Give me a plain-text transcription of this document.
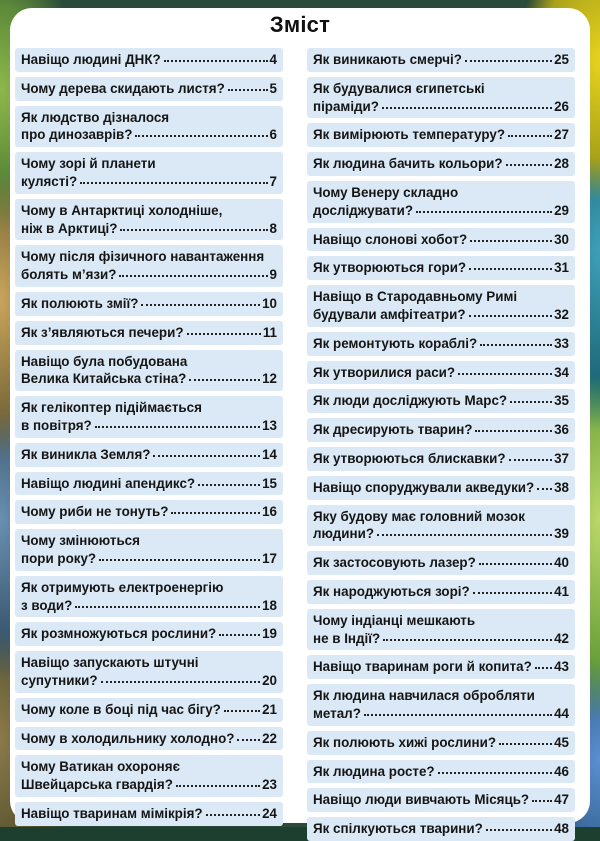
Зміст
Навіщо людині ДНК?	4
Чому дерева скидають листя?	5
Як людство дізналося
про динозаврів?	6
Чому зорі й планети
кулясті?	7
Чому в Антарктиці холодніше,
ніж в Арктиці?	8
Чому після фізичного навантаження
болять м’язи?	9
Як полюють змії?	10
Як з’являються печери?	11
Навіщо була побудована
Велика Китайська стіна?	12
Як гелікоптер підіймається
в повітря?	13
Як виникла Земля?	14
Навіщо людині апендикс?	15
Чому риби не тонуть?	16
Чому змінюються
пори року?	17
Як отримують електроенергію
з води?	18
Як розмножуються рослини?	19
Навіщо запускають штучні
супутники?	20
Чому коле в боці під час бігу?	21
Чому в холодильнику холодно? 22
Чому Ватикан охороняє
Швейцарська гвардія?	23
Навіщо тваринам мімікрія?	24
Як виникають смерчі?	25
Як будувалися єгипетські
піраміди?	26
Як вимірюють температуру?	27
Як людина бачить кольори?	28
Чому Венеру складно
досліджувати?	29
Навіщо слонові хобот?	30
Як утворюються гори?	31
Навіщо в Стародавньому Римі
будували амфітеатри?	32
Як ремонтують кораблі?	33
Як утворилися раси?	34
Як люди досліджують Марс?	35
Як дресирують тварин?	36
Як утворюються блискавки?	37
Навіщо споруджували акведуки? 38
Яку будову має головний мозок
людини?	39
Як застосовують лазер?	40
Як народжуються зорі?	41
Чому індіанці мешкають
не в Індії?	42
Навіщо тваринам роги й копита? 43
Як людина навчилася обробляти
метал?	44
Як полюють хижі рослини?	45
Як людина росте?	46
Навіщо люди вивчають Місяць? 47
Як спілкуються тварини?	48
